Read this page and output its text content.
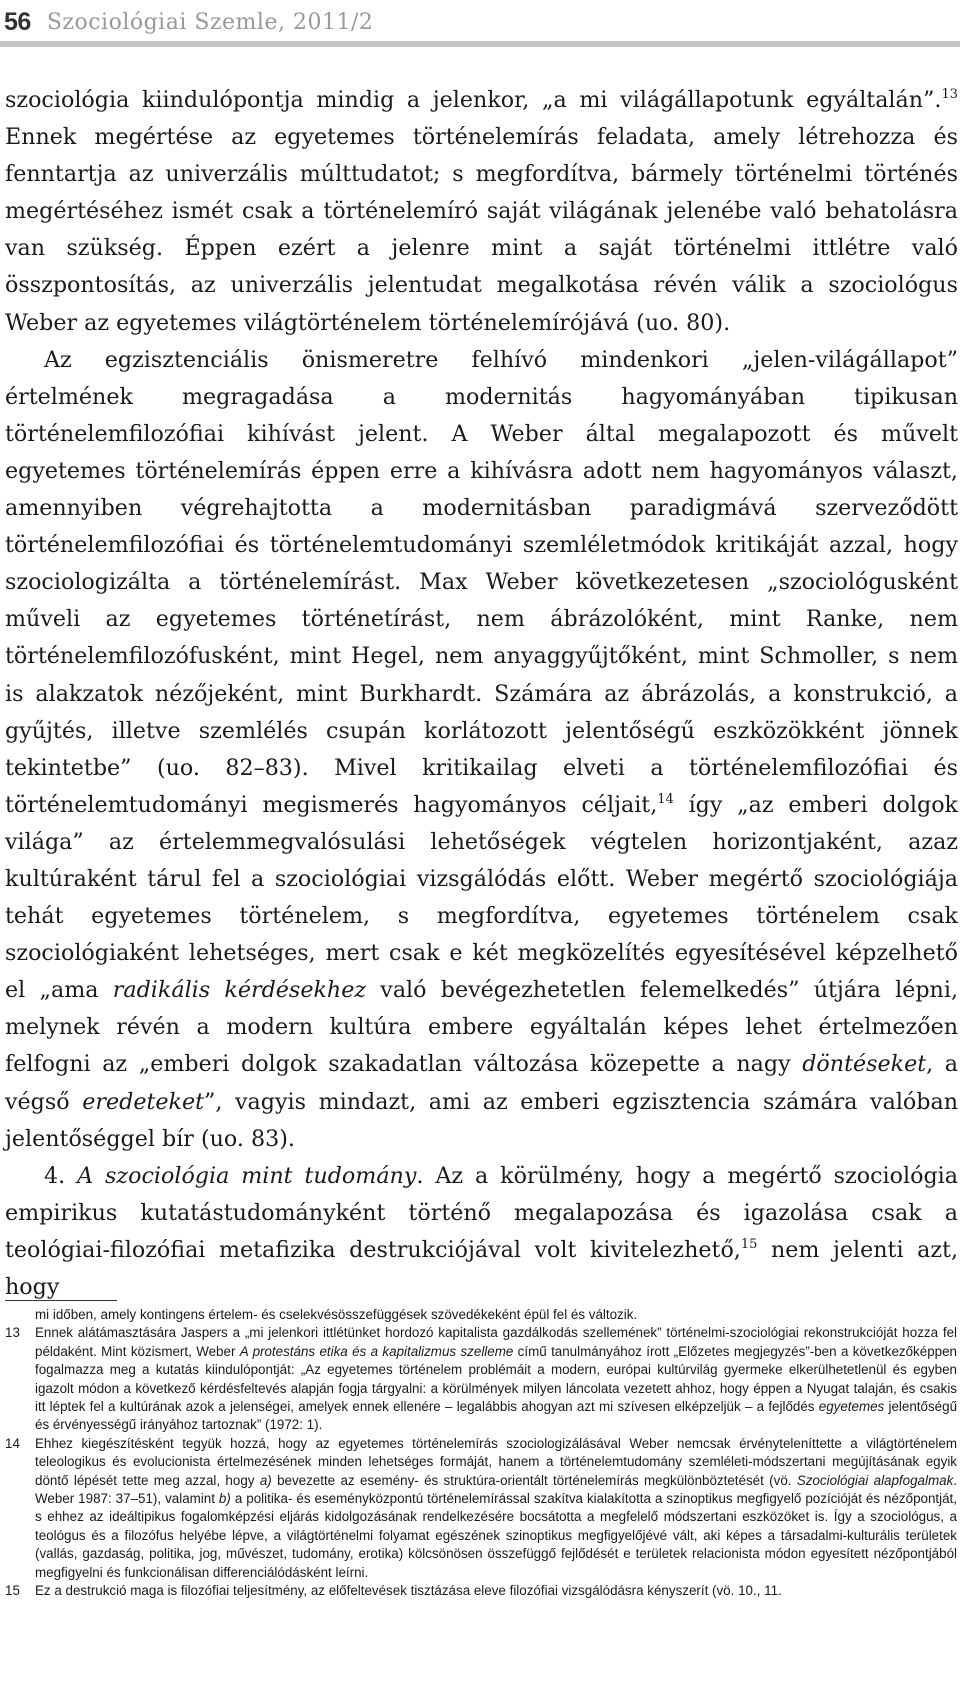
56 Szociológiai Szemle, 2011/2

szociológia kiindulópontja mindig a jelenkor, „a mi világállapotunk egyáltalán”.$^{13}$ Ennek megértése az egyetemes történelemírás feladata, amely létrehozza és fenntartja az univerzális múlttudatot; s megfordítva, bármely történelmi történés megértéséhez ismét csak a történelemíró saját világának jelenébe való behatolásra van szükség. Éppen ezért a jelenre mint a saját történelmi ittlétre való összpontosítás, az univerzális jelentudat megalkotása révén válik a szociológus Weber az egyetemes világtörténelem történelemírójává (uo. 80).

Az egzisztenciális önismeretre felhívó mindenkori „jelen-világállapot” értelmének megragadása a modernitás hagyományában tipikusan történelemfilozófiai kihívást jelent. A Weber által megalapozott és művelt egyetemes történelemírás éppen erre a kihívásra adott nem hagyományos választ, amennyiben végrehajtotta a modernitásban paradigmává szerveződött történelemfilozófiai és történelemtudományi szemléletmódok kritikáját azzal, hogy szociologizálta a történelemírást. Max Weber következetesen „szociológusként műveli az egyetemes történetírást, nem ábrázolóként, mint Ranke, nem történelemfilozófusként, mint Hegel, nem anyaggyűjtőként, mint Schmoller, s nem is alakzatok nézőjeként, mint Burkhardt. Számára az ábrázolás, a konstrukció, a gyűjtés, illetve szemlélés csupán korlátozott jelentőségű eszközökként jönnek tekintetbe” (uo. 82–83). Mivel kritikailag elveti a történelemfilozófiai és történelemtudományi megismerés hagyományos céljait,$^{14}$ így „az emberi dolgok világa” az értelemmegvalósulási lehetőségek végtelen horizontjaként, azaz kultúraként tárul fel a szociológiai vizsgálódás előtt. Weber megértő szociológiája tehát egyetemes történelem, s megfordítva, egyetemes történelem csak szociológiaként lehetséges, mert csak e két megközelítés egyesítésével képzelhető el „ama radikális kérdésekhez való bevégezhetetlen felemelkedés” útjára lépni, melynek révén a modern kultúra embere egyáltalán képes lehet értelmezően felfogni az „emberi dolgok szakadatlan változása közepette a nagy döntéseket, a végső eredeteket”, vagyis mindazt, ami az emberi egzisztencia számára valóban jelentőséggel bír (uo. 83).

4. A szociológia mint tudomány. Az a körülmény, hogy a megértő szociológia empirikus kutatástudományként történő megalapozása és igazolása csak a teológiai-filozófiai metafizika destrukciójával volt kivitelezhető,$^{15}$ nem jelenti azt, hogy

mi időben, amely kontingens értelem- és cselekvésösszefüggések szövedékeként épül fel és változik.

13 Ennek alátámasztására Jaspers a „mi jelenkori ittlétünket hordozó kapitalista gazdálkodás szellemének” történelmi-szociológiai rekonstrukcióját hozza fel példaként. Mint közismert, Weber A protestáns etika és a kapitalizmus szelleme című tanulmányához írott „Előzetes megjegyzés”-ben a következőképpen fogalmazza meg a kutatás kiindulópontját: „Az egyetemes történelem problémáit a modern, európai kultúrvilág gyermeke elkerülhetetlenül és egyben igazolt módon a következő kérdésfeltevés alapján fogja tárgyalni: a körülmények milyen láncolata vezetett ahhoz, hogy éppen a Nyugat talaján, és csakis itt léptek fel a kultúrának azok a jelenségei, amelyek ennek ellenére – legalábbis ahogyan azt mi szívesen elképzeljük – a fejlődés egyetemes jelentőségű és érvényességű irányához tartoznak” (1972: 1).

14 Ehhez kiegészítésként tegyük hozzá, hogy az egyetemes történelemírás szociologizálásával Weber nemcsak érvényteleníttette a világtörténelem teleologikus és evolucionista értelmezésének minden lehetséges formáját, hanem a történelemtudomány szemléleti-módszertani megújításának egyik döntő lépését tette meg azzal, hogy a) bevezette az esemény- és struktúra-orientált történelemírás megkülönböztetését (vö. Szociológiai alapfogalmak. Weber 1987: 37–51), valamint b) a politika- és eseményközpontú történelemírással szakítva kialakította a szinoptikus megfigyelő pozícióját és nézőpontját, s ehhez az ideáltipikus fogalomképzési eljárás kidolgozásának rendelkezésére bocsátotta a megfelelő módszertani eszközöket is. Így a szociológus, a teológus és a filozófus helyébe lépve, a világtörténelmi folyamat egészének szinoptikus megfigyelőjévé vált, aki képes a társadalmi-kulturális területek (vallás, gazdaság, politika, jog, művészet, tudomány, erotika) kölcsönösen összefüggő fejlődését e területek relacionista módon egyesített nézőpontjából megfigyelni és funkcionálisan differenciálódásként leírni.

15 Ez a destrukció maga is filozófiai teljesítmény, az előfeltevések tisztázása eleve filozófiai vizsgálódásra kényszerít (vö. 10., 11.
